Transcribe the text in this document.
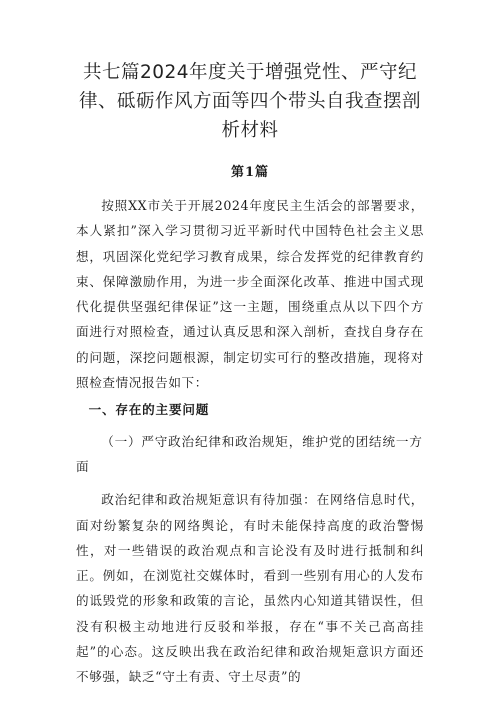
共七篇2024年度关于增强党性、严守纪律、砥砺作风方面等四个带头自我查摆剖析材料
第1篇

按照XX市关于开展2024年度民主生活会的部署要求，本人紧扣”深入学习贯彻习近平新时代中国特色社会主义思想，巩固深化党纪学习教育成果，综合发挥党的纪律教育约束、保障激励作用，为进一步全面深化改革、推进中国式现代化提供坚强纪律保证”这一主题，围绕重点从以下四个方面进行对照检查，通过认真反思和深入剖析，查找自身存在的问题，深挖问题根源，制定切实可行的整改措施，现将对照检查情况报告如下：

一、存在的主要问题
（一）严守政治纪律和政治规矩，维护党的团结统一方面

政治纪律和政治规矩意识有待加强：在网络信息时代，面对纷繁复杂的网络舆论，有时未能保持高度的政治警惕性，对一些错误的政治观点和言论没有及时进行抵制和纠正。例如，在浏览社交媒体时，看到一些别有用心的人发布的诋毁党的形象和政策的言论，虽然内心知道其错误性，但没有积极主动地进行反驳和举报，存在“事不关己高高挂起”的心态。这反映出我在政治纪律和政治规矩意识方面还不够强，缺乏“守土有责、守土尽责”的
